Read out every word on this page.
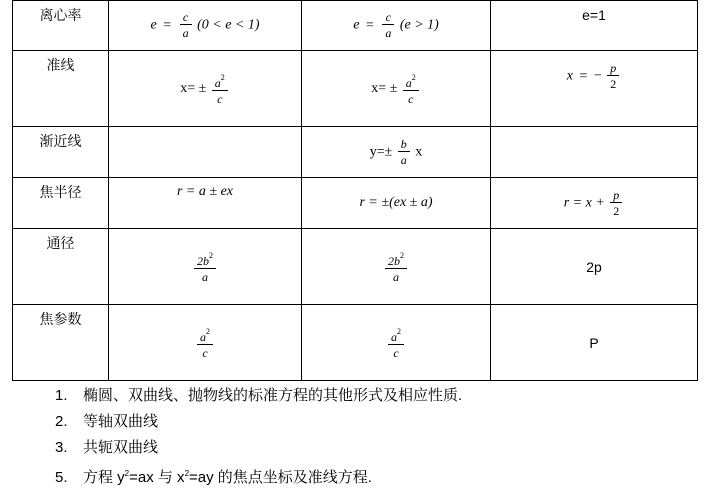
离心率	$e = \frac{c}{a} (0 < e < 1)$	$e = \frac{c}{a} (e > 1)$	e=1
准线	$x= \pm \frac{a^2}{c}$	$x= \pm \frac{a^2}{c}$	x = − $\frac{p}{2}$

渐近线		$y=\pm \frac{b}{a}$ x	
焦半径	r = a ± ex	r = ±(ex ± a)	$r = x + \frac{p}{2}$

通径	$\frac{2b^2}{a}$	$\frac{2b^2}{a}$	2p
焦参数	$\frac{a^2}{c}$	$\frac{a^2}{c}$	P
1. 椭圆、双曲线、抛物线的标准方程的其他形式及相应性质.
2. 等轴双曲线
3. 共轭双曲线
5. 方程 $y^2=ax$ 与 $x^2=ay$ 的焦点坐标及准线方程.
